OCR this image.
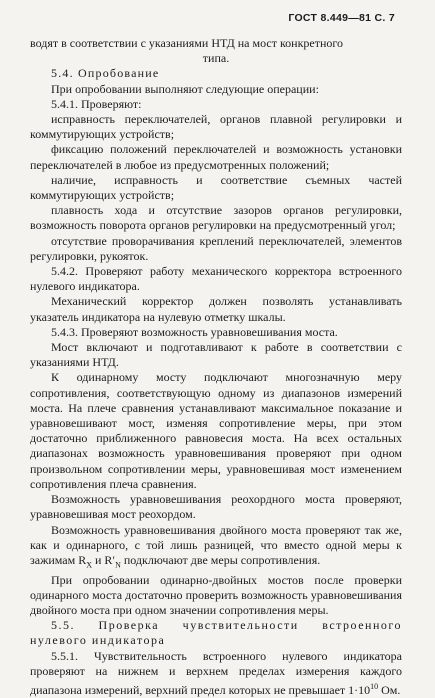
ГОСТ 8.449—81 С. 7

водят в соответствии с указаниями НТД на мост конкретного

типа.

5.4. Опробование

При опробовании выполняют следующие операции:

5.4.1. Проверяют:

исправность переключателей, органов плавной регулировки и коммутирующих устройств;

фиксацию положений переключателей и возможность установки переключателей в любое из предусмотренных положений;

наличие, исправность и соответствие съемных частей коммутирующих устройств;

плавность хода и отсутствие зазоров органов регулировки, возможность поворота органов регулировки на предусмотренный угол;

отсутствие проворачивания креплений переключателей, элементов регулировки, рукояток.

5.4.2. Проверяют работу механического корректора встроенного нулевого индикатора.

Механический корректор должен позволять устанавливать указатель индикатора на нулевую отметку шкалы.

5.4.3. Проверяют возможность уравновешивания моста.

Мост включают и подготавливают к работе в соответствии с указаниями НТД.

К одинарному мосту подключают многозначную меру сопротивления, соответствующую одному из диапазонов измерений моста. На плече сравнения устанавливают максимальное показание и уравновешивают мост, изменяя сопротивление меры, при этом достаточно приближенного равновесия моста. На всех остальных диапазонах возможность уравновешивания проверяют при одном произвольном сопротивлении меры, уравновешивая мост изменением сопротивления плеча сравнения.

Возможность уравновешивания реохордного моста проверяют, уравновешивая мост реохордом.

Возможность уравновешивания двойного моста проверяют так же, как и одинарного, с той лишь разницей, что вместо одной меры к зажимам $R_X$ и $R'_N$ подключают две меры сопротивления.

При опробовании одинарно-двойных мостов после проверки одинарного моста достаточно проверить возможность уравновешивания двойного моста при одном значении сопротивления меры.

5.5. Проверка чувствительности встроенного нулевого индикатора

5.5.1. Чувствительность встроенного нулевого индикатора проверяют на нижнем и верхнем пределах измерения каждого диапазона измерений, верхний предел которых не превышает $1\cdot 10^{10}$ Ом.
